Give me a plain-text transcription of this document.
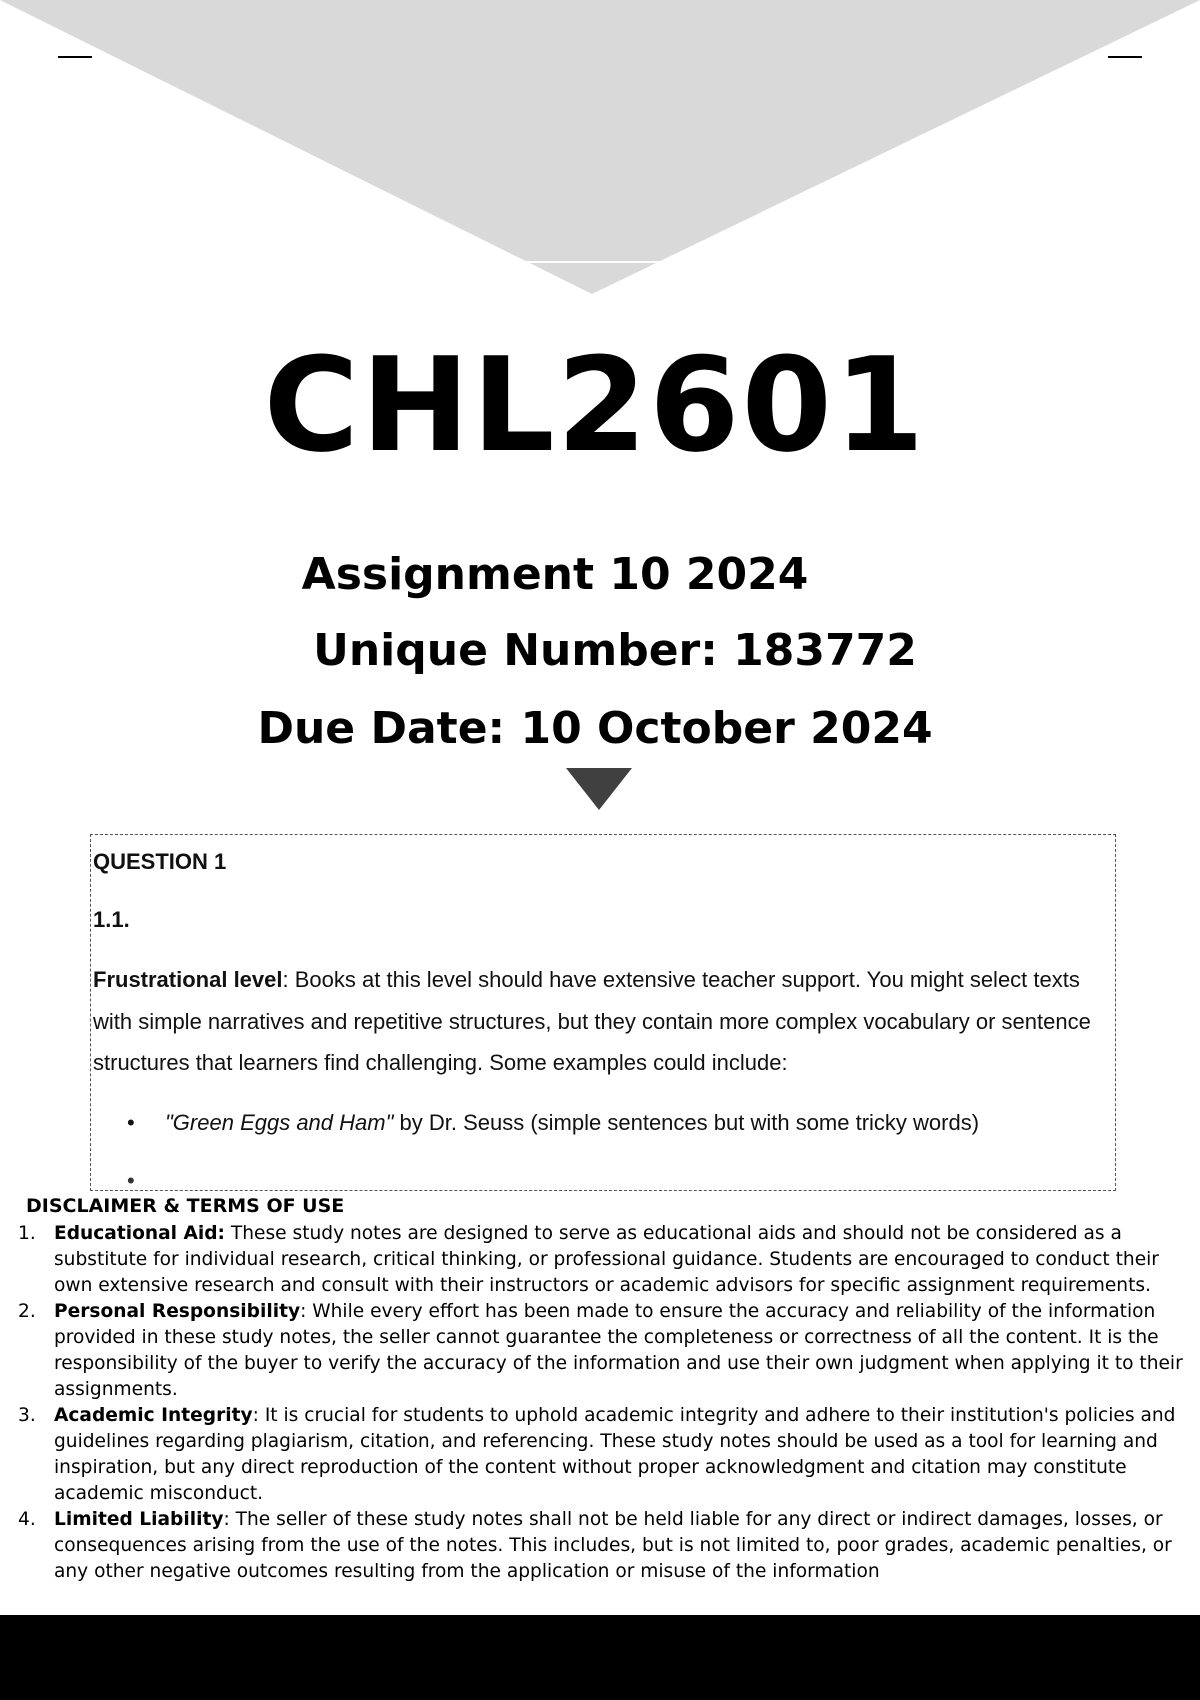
CHL2601
Assignment 10 2024
Unique Number: 183772
Due Date: 10 October 2024

QUESTION 1

1.1.

Frustrational level: Books at this level should have extensive teacher support. You might select texts with simple narratives and repetitive structures, but they contain more complex vocabulary or sentence structures that learners find challenging. Some examples could include:

• "Green Eggs and Ham" by Dr. Seuss (simple sentences but with some tricky words)
•
DISCLAIMER & TERMS OF USE
1. Educational Aid: These study notes are designed to serve as educational aids and should not be considered as a substitute for individual research, critical thinking, or professional guidance. Students are encouraged to conduct their own extensive research and consult with their instructors or academic advisors for specific assignment requirements.
2. Personal Responsibility: While every effort has been made to ensure the accuracy and reliability of the information provided in these study notes, the seller cannot guarantee the completeness or correctness of all the content. It is the responsibility of the buyer to verify the accuracy of the information and use their own judgment when applying it to their assignments.
3. Academic Integrity: It is crucial for students to uphold academic integrity and adhere to their institution's policies and guidelines regarding plagiarism, citation, and referencing. These study notes should be used as a tool for learning and inspiration, but any direct reproduction of the content without proper acknowledgment and citation may constitute academic misconduct.
4. Limited Liability: The seller of these study notes shall not be held liable for any direct or indirect damages, losses, or consequences arising from the use of the notes. This includes, but is not limited to, poor grades, academic penalties, or any other negative outcomes resulting from the application or misuse of the information
